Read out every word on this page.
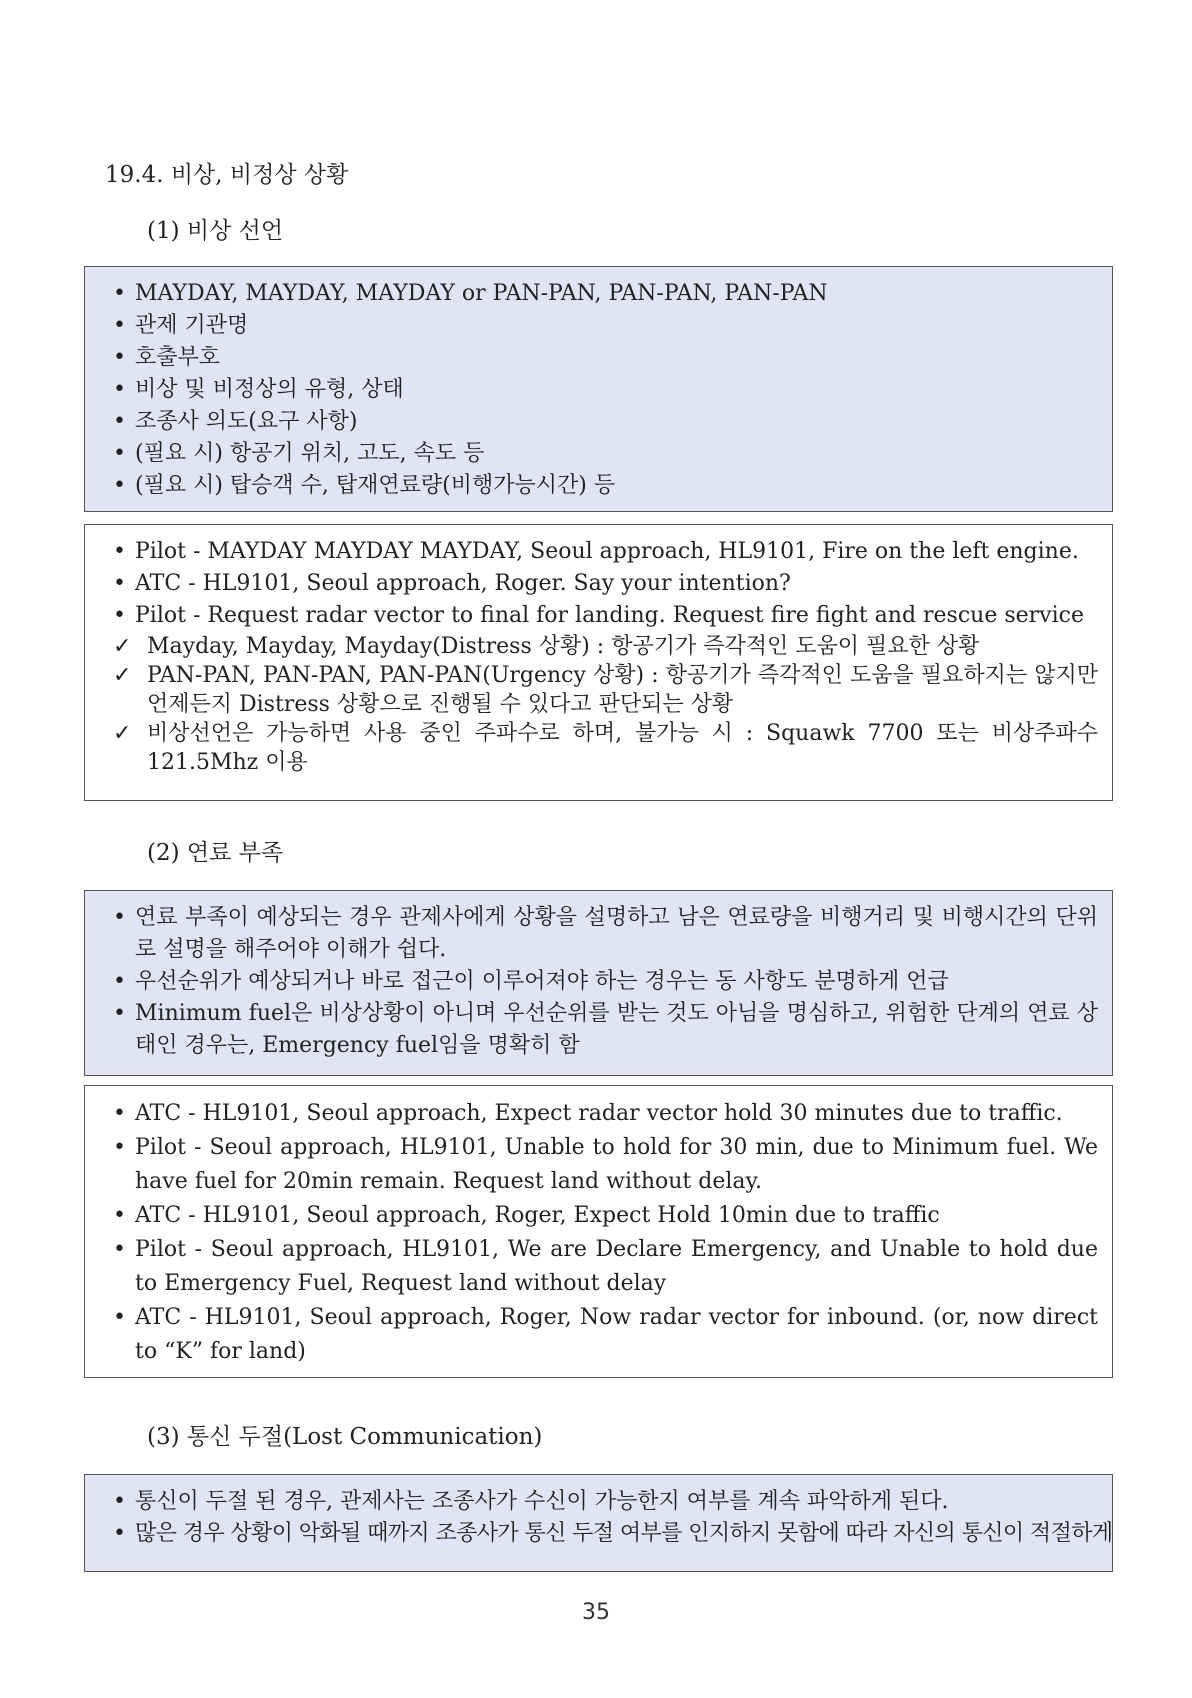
19.4. 비상, 비정상 상황
(1) 비상 선언
• MAYDAY, MAYDAY, MAYDAY or PAN-PAN, PAN-PAN, PAN-PAN
• 관제 기관명
• 호출부호
• 비상 및 비정상의 유형, 상태
• 조종사 의도(요구 사항)
• (필요 시) 항공기 위치, 고도, 속도 등
• (필요 시) 탑승객 수, 탑재연료량(비행가능시간) 등
• Pilot - MAYDAY MAYDAY MAYDAY, Seoul approach, HL9101, Fire on the left engine.
• ATC - HL9101, Seoul approach, Roger. Say your intention?
• Pilot - Request radar vector to final for landing. Request fire fight and rescue service
✓ Mayday, Mayday, Mayday(Distress 상황) : 항공기가 즉각적인 도움이 필요한 상황
✓ PAN-PAN, PAN-PAN, PAN-PAN(Urgency 상황) : 항공기가 즉각적인 도움을 필요하지는 않지만 언제든지 Distress 상황으로 진행될 수 있다고 판단되는 상황
✓ 비상선언은 가능하면 사용 중인 주파수로 하며, 불가능 시 : Squawk 7700 또는 비상주파수 121.5Mhz 이용
(2) 연료 부족
• 연료 부족이 예상되는 경우 관제사에게 상황을 설명하고 남은 연료량을 비행거리 및 비행시간의 단위로 설명을 해주어야 이해가 쉽다.
• 우선순위가 예상되거나 바로 접근이 이루어져야 하는 경우는 동 사항도 분명하게 언급
• Minimum fuel은 비상상황이 아니며 우선순위를 받는 것도 아님을 명심하고, 위험한 단계의 연료 상태인 경우는, Emergency fuel임을 명확히 함
• ATC - HL9101, Seoul approach, Expect radar vector hold 30 minutes due to traffic.
• Pilot - Seoul approach, HL9101, Unable to hold for 30 min, due to Minimum fuel. We have fuel for 20min remain. Request land without delay.
• ATC - HL9101, Seoul approach, Roger, Expect Hold 10min due to traffic
• Pilot - Seoul approach, HL9101, We are Declare Emergency, and Unable to hold due to Emergency Fuel, Request land without delay
• ATC - HL9101, Seoul approach, Roger, Now radar vector for inbound. (or, now direct to “K” for land)
(3) 통신 두절(Lost Communication)
• 통신이 두절 된 경우, 관제사는 조종사가 수신이 가능한지 여부를 계속 파악하게 된다.
• 많은 경우 상황이 악화될 때까지 조종사가 통신 두절 여부를 인지하지 못함에 따라 자신의 통신이 적절하게
35
